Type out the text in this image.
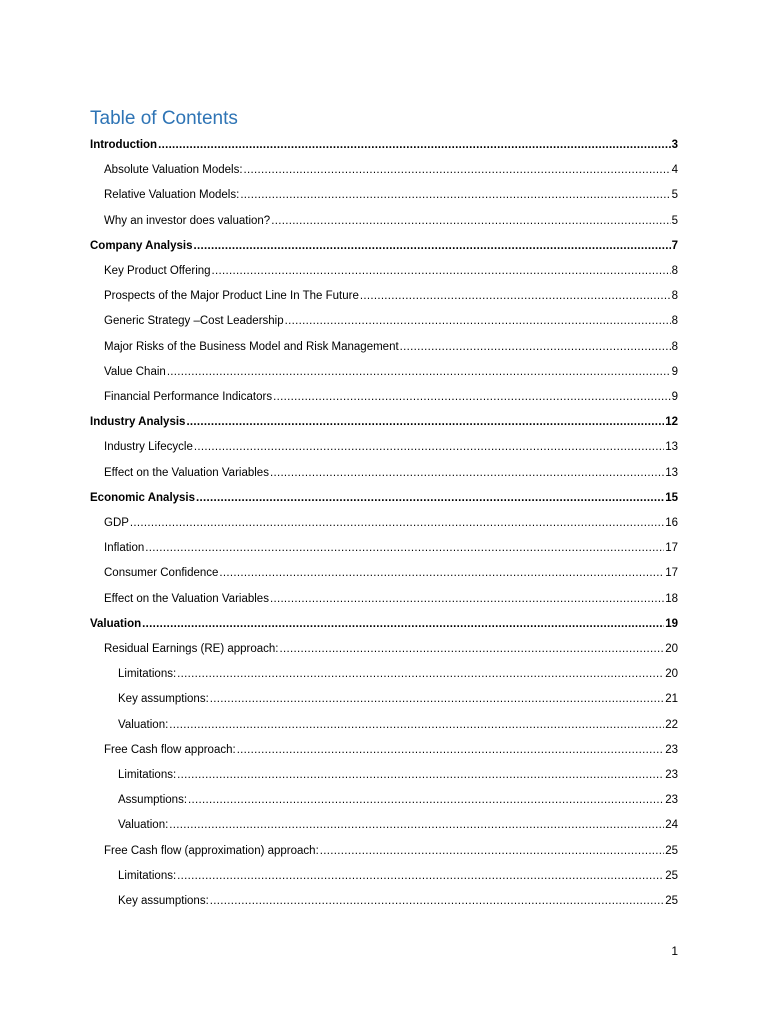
Table of Contents
Introduction .....	3
Absolute Valuation Models: .....	4
Relative Valuation Models: .....	5
Why an investor does valuation? .....	5
Company Analysis .....	7
Key Product Offering .....	8
Prospects of the Major Product Line In The Future .....	8
Generic Strategy –Cost Leadership .....	8
Major Risks of the Business Model and Risk Management .....	8
Value Chain .....	9
Financial Performance Indicators .....	9
Industry Analysis .....	12
Industry Lifecycle .....	13
Effect on the Valuation Variables .....	13
Economic Analysis .....	15
GDP .....	16
Inflation .....	17
Consumer Confidence .....	17
Effect on the Valuation Variables .....	18
Valuation .....	19
Residual Earnings (RE) approach: .....	20
Limitations: .....	20
Key assumptions: .....	21
Valuation: .....	22
Free Cash flow approach: .....	23
Limitations: .....	23
Assumptions: .....	23
Valuation: .....	24
Free Cash flow (approximation) approach: .....	25
Limitations: .....	25
Key assumptions: .....	25
1
